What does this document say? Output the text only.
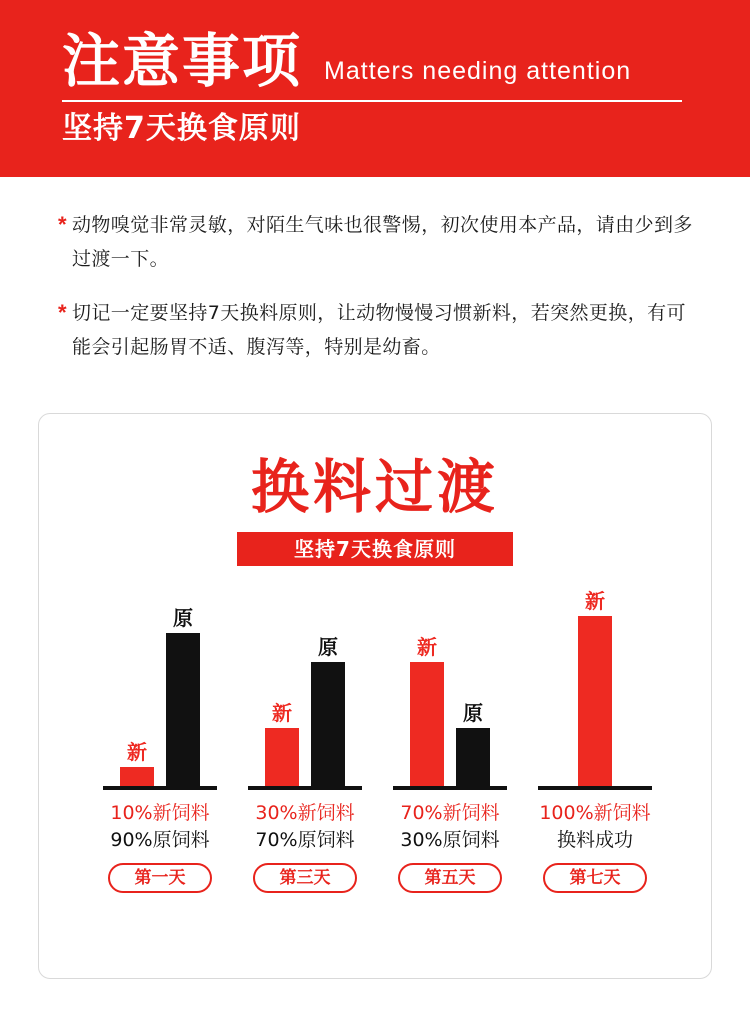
注意事项 Matters needing attention
坚持7天换食原则
* 动物嗅觉非常灵敏，对陌生气味也很警惕，初次使用本产品，请由少到多过渡一下。
* 切记一定要坚持7天换料原则，让动物慢慢习惯新料，若突然更换，有可能会引起肠胃不适、腹泻等，特别是幼畜。
换料过渡
坚持7天换食原则
新
原
新
原	新
原
新
10%新饲料
90%原饲料
第一天
30%新饲料
70%原饲料
第三天
70%新饲料
30%原饲料
第五天
100%新饲料
换料成功
第七天
